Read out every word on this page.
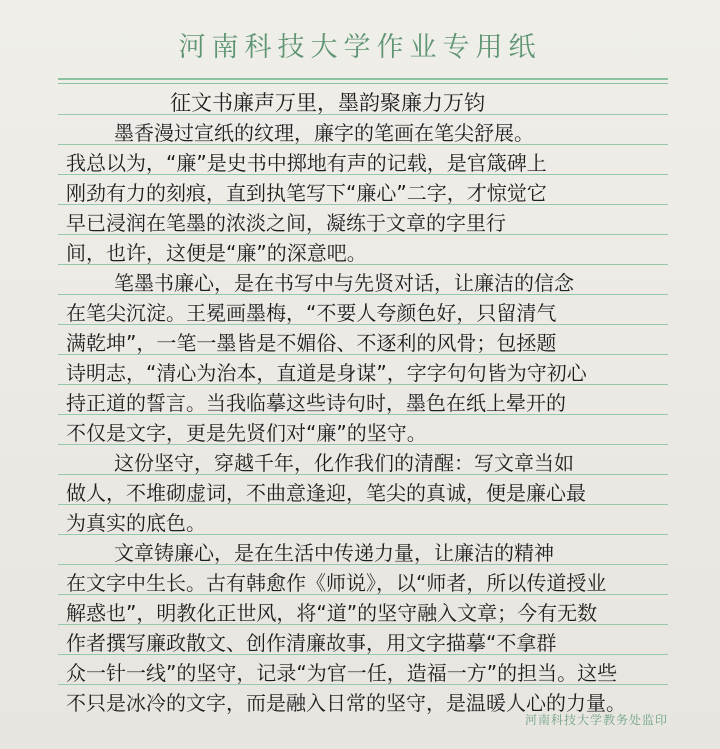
河南科技大学作业专用纸
征文书廉声万里，墨韵聚廉力万钧
墨香漫过宣纸的纹理，廉字的笔画在笔尖舒展。
我总以为，“廉”是史书中掷地有声的记载，是官箴碑上
刚劲有力的刻痕，直到执笔写下“廉心”二字，才惊觉它
早已浸润在笔墨的浓淡之间，凝练于文章的字里行
间，也许，这便是“廉”的深意吧。
笔墨书廉心，是在书写中与先贤对话，让廉洁的信念
在笔尖沉淀。王冕画墨梅，“不要人夸颜色好，只留清气
满乾坤”，一笔一墨皆是不媚俗、不逐利的风骨；包拯题
诗明志，“清心为治本，直道是身谋”，字字句句皆为守初心
持正道的誓言。当我临摹这些诗句时，墨色在纸上晕开的
不仅是文字，更是先贤们对“廉”的坚守。
这份坚守，穿越千年，化作我们的清醒：写文章当如
做人，不堆砌虚词，不曲意逢迎，笔尖的真诚，便是廉心最
为真实的底色。
文章铸廉心，是在生活中传递力量，让廉洁的精神
在文字中生长。古有韩愈作《师说》，以“师者，所以传道授业
解惑也”，明教化正世风，将“道”的坚守融入文章；今有无数
作者撰写廉政散文、创作清廉故事，用文字描摹“不拿群
众一针一线”的坚守，记录“为官一任，造福一方”的担当。这些
不只是冰冷的文字，而是融入日常的坚守，是温暖人心的力量。
河南科技大学教务处监印
